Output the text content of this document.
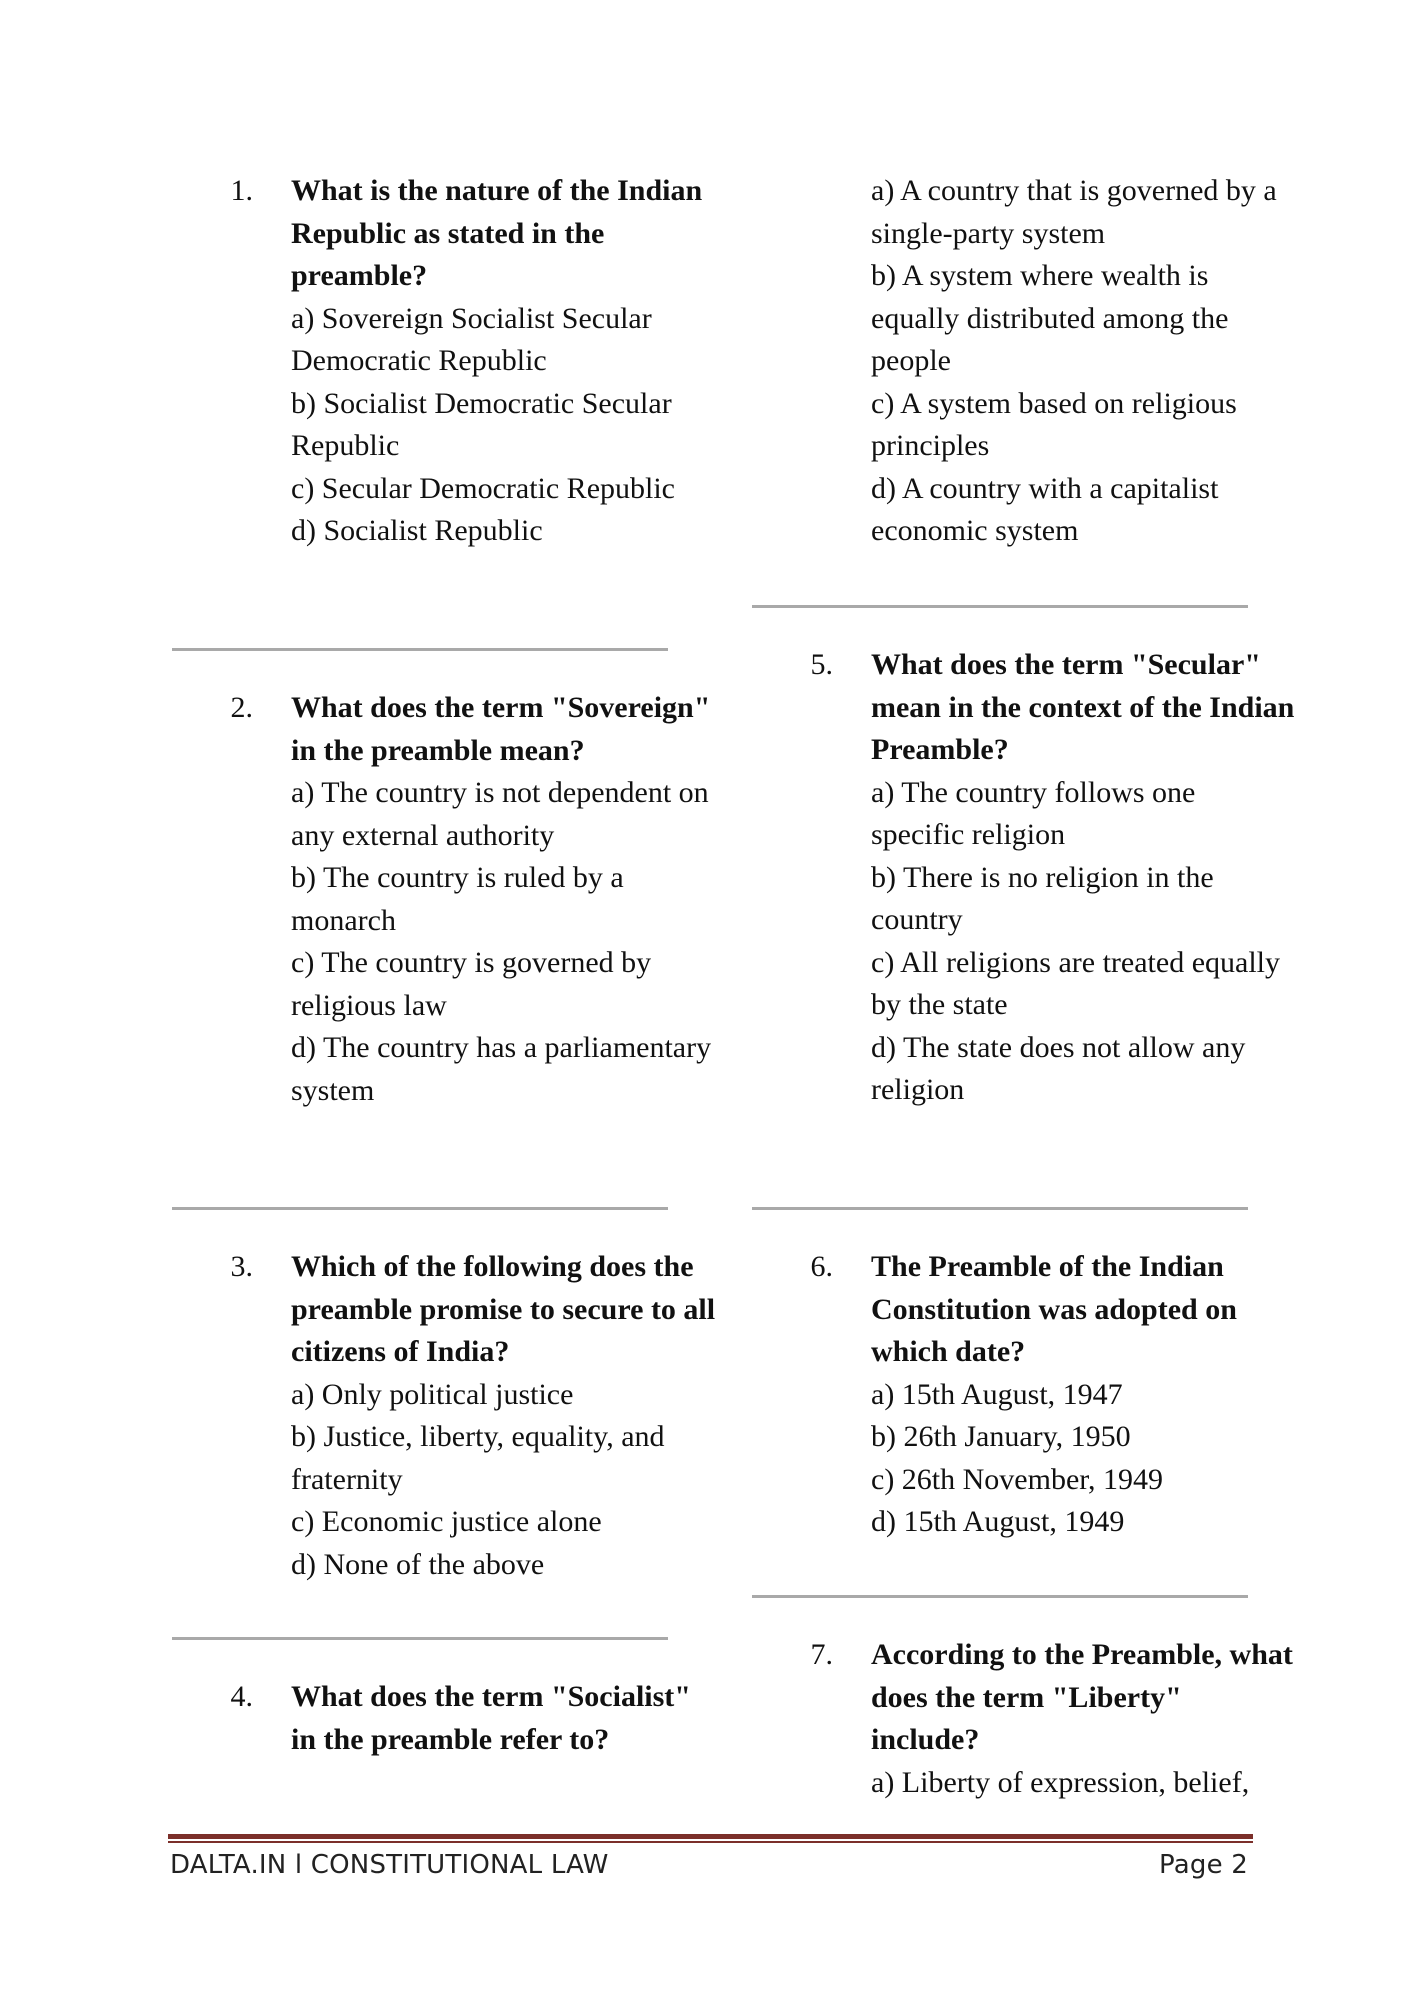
1. What is the nature of the Indian Republic as stated in the preamble?
a) Sovereign Socialist Secular Democratic Republic
b) Socialist Democratic Secular Republic
c) Secular Democratic Republic
d) Socialist Republic
2. What does the term "Sovereign" in the preamble mean?
a) The country is not dependent on any external authority
b) The country is ruled by a monarch
c) The country is governed by religious law
d) The country has a parliamentary system
3. Which of the following does the preamble promise to secure to all citizens of India?
a) Only political justice
b) Justice, liberty, equality, and fraternity
c) Economic justice alone
d) None of the above
4. What does the term "Socialist" in the preamble refer to?
a) A country that is governed by a single-party system
b) A system where wealth is equally distributed among the people
c) A system based on religious principles
d) A country with a capitalist economic system
5. What does the term "Secular" mean in the context of the Indian Preamble?
a) The country follows one specific religion
b) There is no religion in the country
c) All religions are treated equally by the state
d) The state does not allow any religion
6. The Preamble of the Indian Constitution was adopted on which date?
a) 15th August, 1947
b) 26th January, 1950
c) 26th November, 1949
d) 15th August, 1949
7. According to the Preamble, what does the term "Liberty" include?
a) Liberty of expression, belief,
DALTA.IN l CONSTITUTIONAL LAW	Page 2
